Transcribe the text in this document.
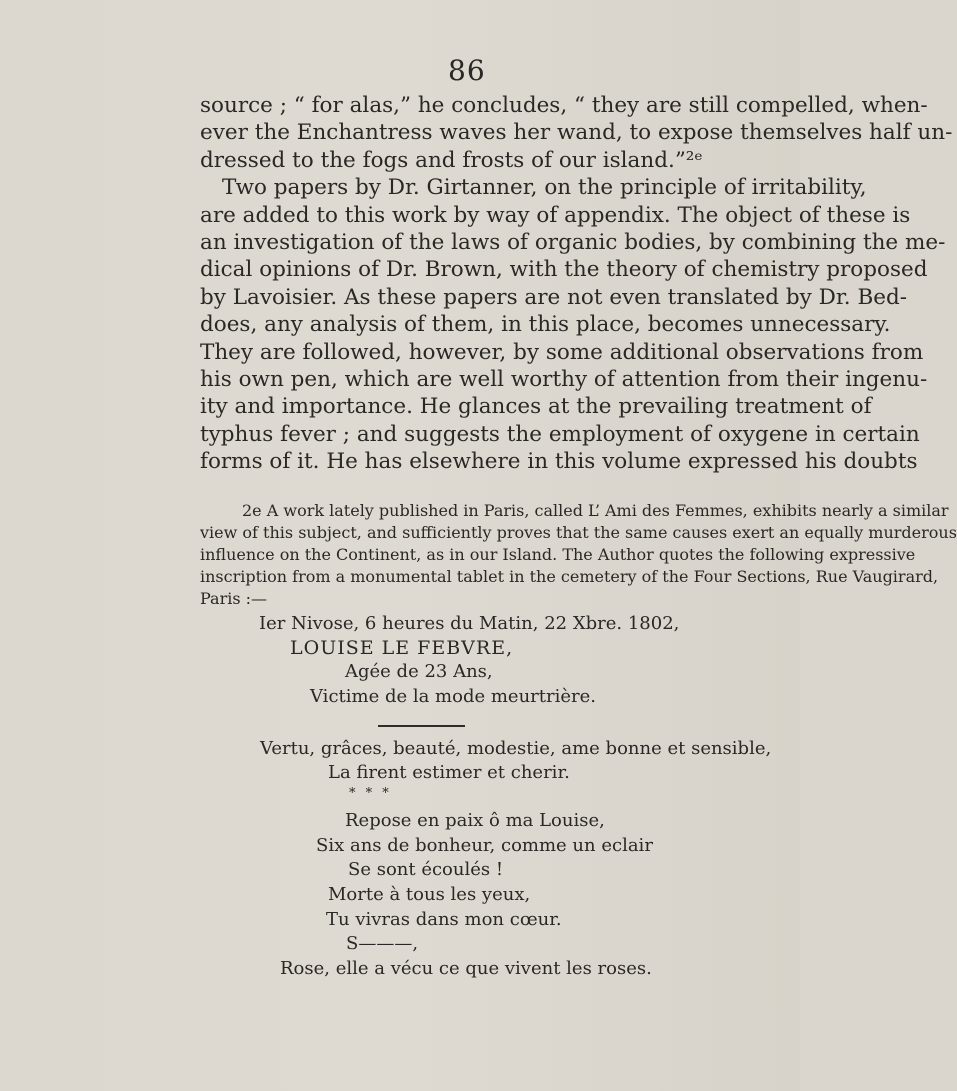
86
source ; “ for alas,” he concludes, “ they are still compelled, when-
ever the Enchantress waves her wand, to expose themselves half un-
dressed to the fogs and frosts of our island.”²ᵉ
Two papers by Dr. Girtanner, on the principle of irritability,
are added to this work by way of appendix. The object of these is
an investigation of the laws of organic bodies, by combining the me-
dical opinions of Dr. Brown, with the theory of chemistry proposed
by Lavoisier. As these papers are not even translated by Dr. Bed-
does, any analysis of them, in this place, becomes unnecessary.
They are followed, however, by some additional observations from
his own pen, which are well worthy of attention from their ingenu-
ity and importance. He glances at the prevailing treatment of
typhus fever ; and suggests the employment of oxygene in certain
forms of it. He has elsewhere in this volume expressed his doubts
2e A work lately published in Paris, called L’ Ami des Femmes, exhibits nearly a similar
view of this subject, and sufficiently proves that the same causes exert an equally murderous
influence on the Continent, as in our Island. The Author quotes the following expressive
inscription from a monumental tablet in the cemetery of the Four Sections, Rue Vaugirard,
Paris :—
Ier Nivose, 6 heures du Matin, 22 Xbre. 1802,
LOUISE LE FEBVRE,
Agée de 23 Ans,
Victime de la mode meurtrière.
Vertu, grâces, beauté, modestie, ame bonne et sensible,
La firent estimer et cherir.
* * *
Repose en paix ô ma Louise,
Six ans de bonheur, comme un eclair
Se sont écoulés !
Morte à tous les yeux,
Tu vivras dans mon cœur.
S———,
Rose, elle a vécu ce que vivent les roses.
